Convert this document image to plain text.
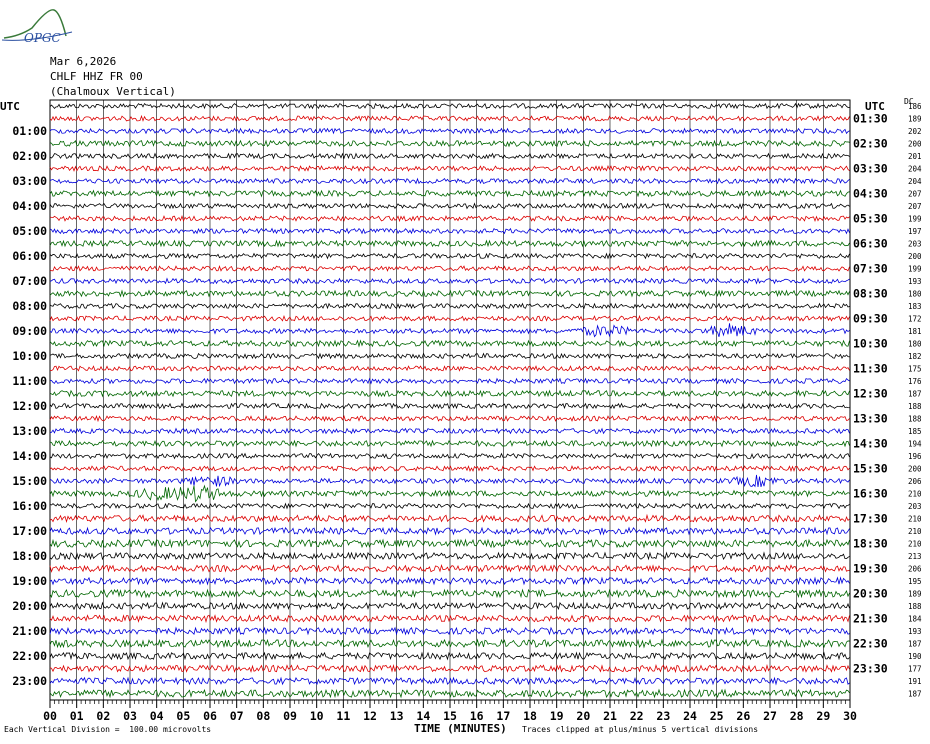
OPGC
Mar 6,2026
CHLF HHZ FR 00
(Chalmoux Vertical)
UTC	UTC DC
186
189
202
200
201
204
204
207
207
199
197
203
200
199
193
180
183
172
181
180
182
175
176
187
188
188
185
194
196
200
206
210
203
210
210
210
213
206
195
189
188
184
193
187
190
177
191
187
01:00
02:00
03:00
04:00
05:00
06:00
07:00
08:00
09:00
10:00
11:00
12:00
13:00
14:00
15:00
16:00
17:00
18:00
19:00
20:00
21:00
22:00
23:00
01:30
02:30
03:30
04:30
05:30
06:30
07:30
08:30
09:30
10:30
11:30
12:30
13:30
14:30
15:30
16:30
17:30
18:30
19:30
20:30
21:30
22:30
23:30
00 01 02 03 04 05 06 07 08 09 10 11 12 13 14 15 16 17 18 19 20 21 22 23 24 25 26 27 28 29 30
Each Vertical Division =  100.00 microvolts	TIME (MINUTES) Traces clipped at plus/minus 5 vertical divisions
